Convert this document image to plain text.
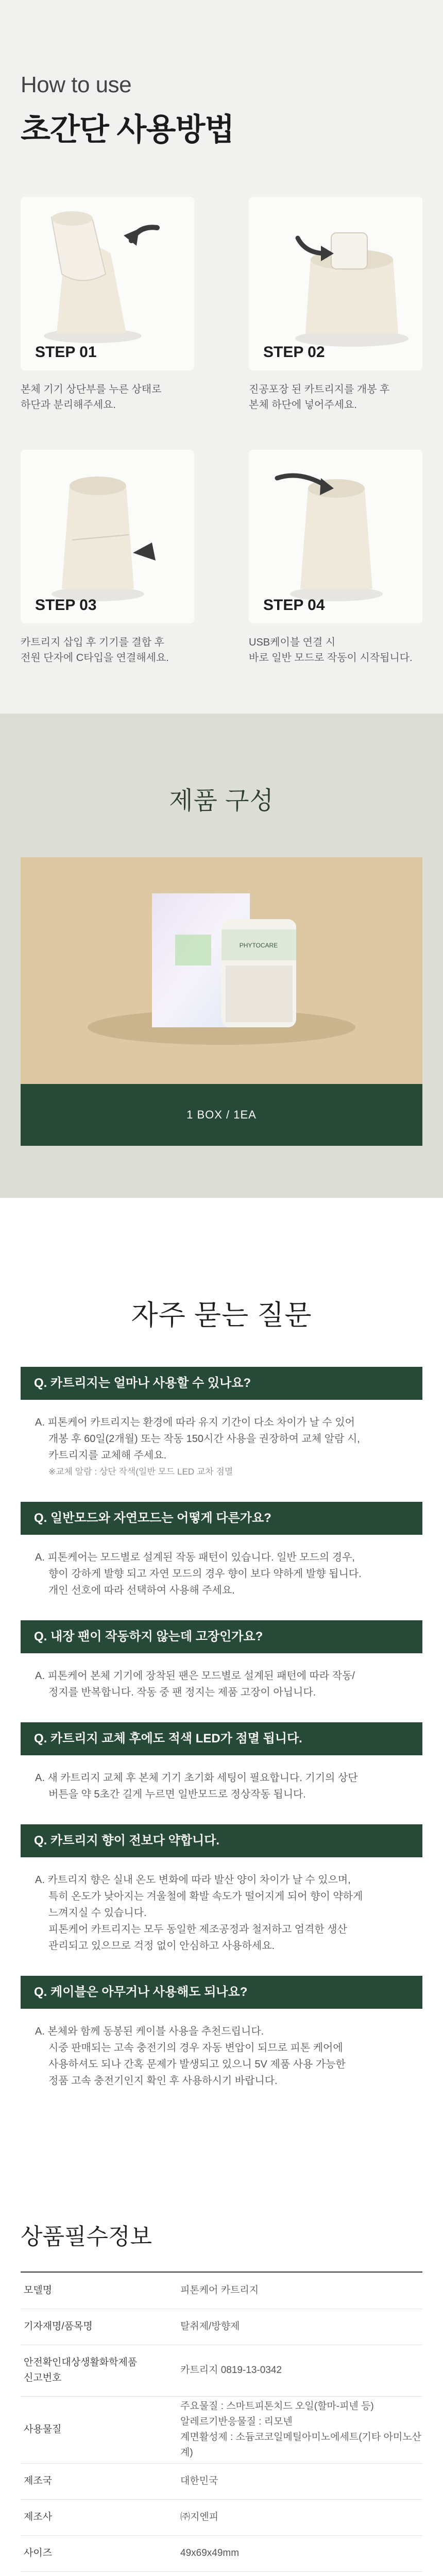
How to use
초간단 사용방법
STEP 01
본체 기기 상단부를 누른 상태로
하단과 분리해주세요.
STEP 02
진공포장 된 카트리지를 개봉 후
본체 하단에 넣어주세요.
STEP 03
카트리지 삽입 후 기기를 결합 후
전원 단자에 C타입을 연결해세요.
STEP 04
USB케이블 연결 시
바로 일반 모드로 작동이 시작됩니다.
제품 구성
PHYTOCARE
1 BOX / 1EA
자주 묻는 질문
Q. 카트리지는 얼마나 사용할 수 있나요?

A. 피톤케어 카트리지는 환경에 따라 유지 기간이 다소 차이가 날 수 있어

개봉 후 60일(2개월) 또는 작동 150시간 사용을 권장하여 교체 알람 시,

카트리지를 교체해 주세요.

※교체 알람 : 상단 작색(일반 모드 LED 교차 점멸

Q. 일반모드와 자연모드는 어떻게 다른가요?

A. 피톤케어는 모드별로 설계된 작동 패턴이 있습니다. 일반 모드의 경우,

향이 강하게 발향 되고 자연 모드의 경우 향이 보다 약하게 발향 됩니다.

개인 선호에 따라 선택하여 사용해 주세요.

Q. 내장 팬이 작동하지 않는데 고장인가요?

A. 피톤케어 본체 기기에 장착된 팬은 모드별로 설계된 패턴에 따라 작동/

정지를 반복합니다. 작동 중 팬 정지는 제품 고장이 아닙니다.

Q. 카트리지 교체 후에도 적색 LED가 점멸 됩니다.

A. 새 카트리지 교체 후 본체 기기 초기화 세팅이 필요합니다. 기기의 상단

버튼을 약 5초간 길게 누르면 일반모드로 정상작동 됩니다.

Q. 카트리지 향이 전보다 약합니다.

A. 카트리지 향은 실내 온도 변화에 따라 발산 양이 차이가 날 수 있으며,

특히 온도가 낮아지는 겨울철에 확발 속도가 떨어지게 되어 향이 약하게

느껴지실 수 있습니다.

피톤케어 카트리지는 모두 동일한 제조공정과 철저하고 엄격한 생산

관리되고 있으므로 걱정 없이 안심하고 사용하세요.

Q. 케이블은 아무거나 사용해도 되나요?

A. 본체와 함께 동봉된 케이블 사용을 추천드립니다.

시중 판매되는 고속 충전기의 경우 자동 변압이 되므로 피톤 케어에

사용하셔도 되나 간혹 문제가 발생되고 있으니 5V 제품 사용 가능한

정품 고속 충전기인지 확인 후 사용하시기 바랍니다.

상품필수정보
모델명	피톤케어 카트리지

기자재명/품목명	탈취제/방향제

안전확인대상생활화학제품
신고번호	카트리지 0819-13-0342

사용물질	주요물질 : 스마트피톤치드 오일(할마-피넨 등)
알레르기반응물질 : 리모넨
계면활성제 : 소듐코코일메틸아미노에세트(기타 아미노산계)

제조국	대한민국

제조사	㈜지엔피

사이즈	49x69x49mm
